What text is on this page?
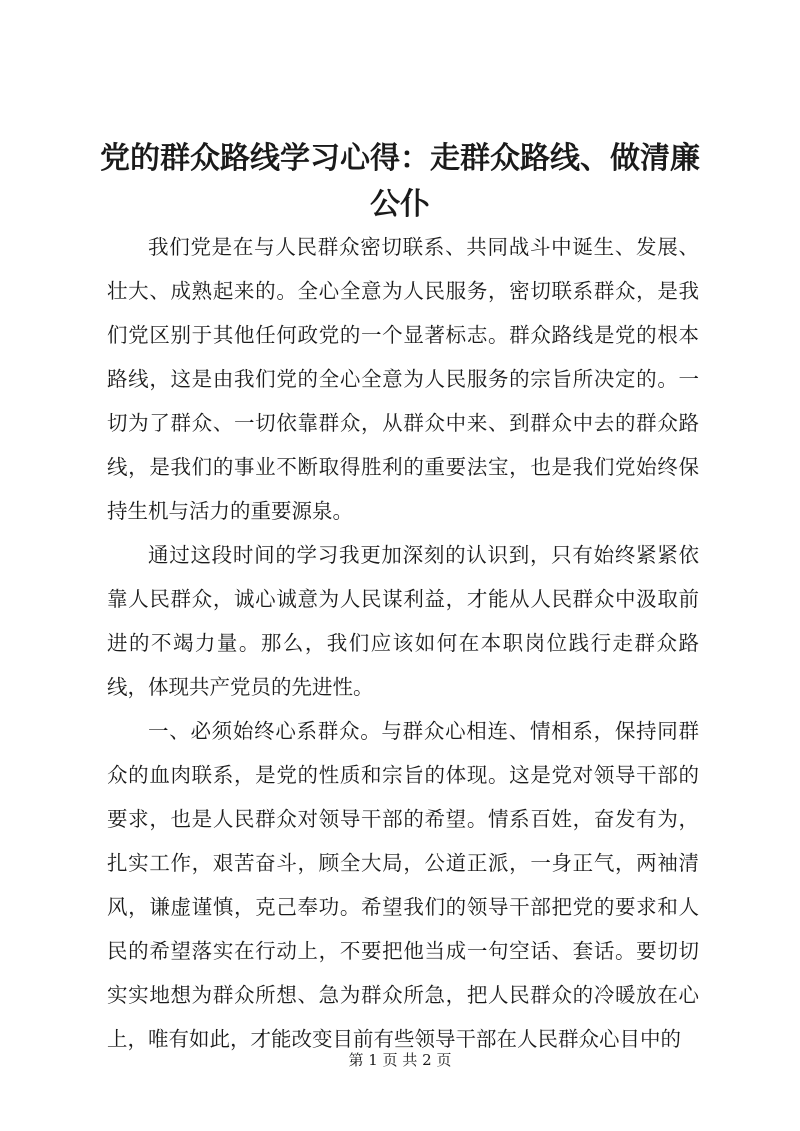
党的群众路线学习心得：走群众路线、做清廉
公仆

我们党是在与人民群众密切联系、共同战斗中诞生、发展、壮大、成熟起来的。全心全意为人民服务，密切联系群众，是我们党区别于其他任何政党的一个显著标志。群众路线是党的根本路线，这是由我们党的全心全意为人民服务的宗旨所决定的。一切为了群众、一切依靠群众，从群众中来、到群众中去的群众路线，是我们的事业不断取得胜利的重要法宝，也是我们党始终保持生机与活力的重要源泉。

通过这段时间的学习我更加深刻的认识到，只有始终紧紧依靠人民群众，诚心诚意为人民谋利益，才能从人民群众中汲取前进的不竭力量。那么，我们应该如何在本职岗位践行走群众路线，体现共产党员的先进性。

一、必须始终心系群众。与群众心相连、情相系，保持同群众的血肉联系，是党的性质和宗旨的体现。这是党对领导干部的要求，也是人民群众对领导干部的希望。情系百姓，奋发有为，扎实工作，艰苦奋斗，顾全大局，公道正派，一身正气，两袖清风，谦虚谨慎，克己奉功。希望我们的领导干部把党的要求和人民的希望落实在行动上，不要把他当成一句空话、套话。要切切实实地想为群众所想、急为群众所急，把人民群众的冷暖放在心上，唯有如此，才能改变目前有些领导干部在人民群众心目中的

第 1 页 共 2 页
